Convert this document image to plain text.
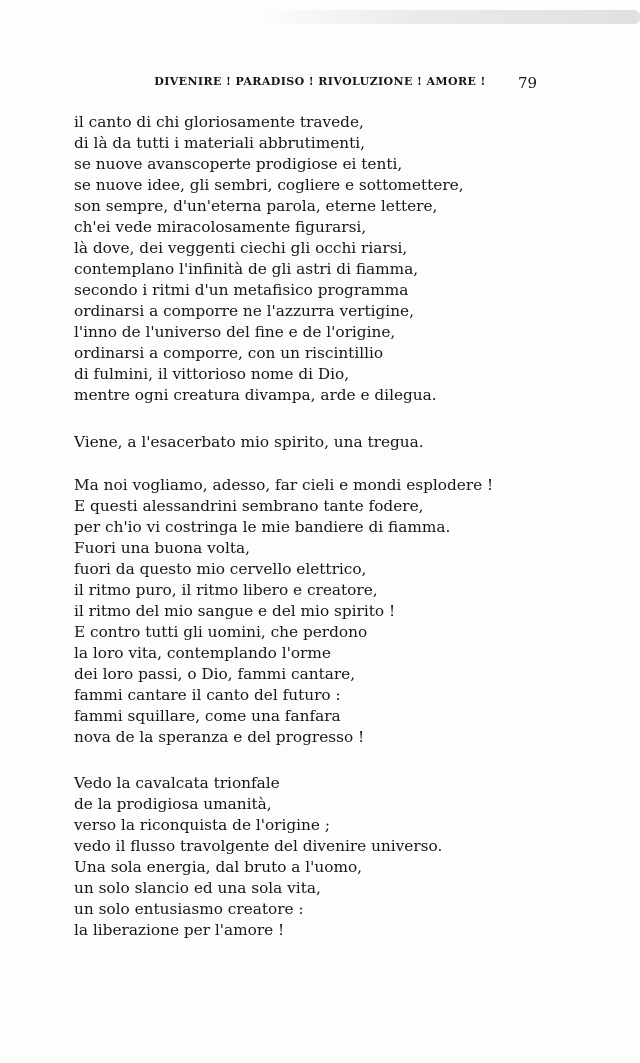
DIVENIRE ! PARADISO ! RIVOLUZIONE ! AMORE ! 79
il canto di chi gloriosamente travede,
di là da tutti i materiali abbrutimenti,
se nuove avanscoperte prodigiose ei tenti,
se nuove idee, gli sembri, cogliere e sottomettere,
son sempre, d'un'eterna parola, eterne lettere,
ch'ei vede miracolosamente figurarsi,
là dove, dei veggenti ciechi gli occhi riarsi,
contemplano l'infinità de gli astri di fiamma,
secondo i ritmi d'un metafisico programma
ordinarsi a comporre ne l'azzurra vertigine,
l'inno de l'universo del fine e de l'origine,
ordinarsi a comporre, con un riscintillio
di fulmini, il vittorioso nome di Dio,
mentre ogni creatura divampa, arde e dilegua.
Viene, a l'esacerbato mio spirito, una tregua.
Ma noi vogliamo, adesso, far cieli e mondi esplodere !
E questi alessandrini sembrano tante fodere,
per ch'io vi costringa le mie bandiere di fiamma.
Fuori una buona volta,
fuori da questo mio cervello elettrico,
il ritmo puro, il ritmo libero e creatore,
il ritmo del mio sangue e del mio spirito !
E contro tutti gli uomini, che perdono
la loro vita, contemplando l'orme
dei loro passi, o Dio, fammi cantare,
fammi cantare il canto del futuro :
fammi squillare, come una fanfara
nova de la speranza e del progresso !
Vedo la cavalcata trionfale
de la prodigiosa umanità,
verso la riconquista de l'origine ;
vedo il flusso travolgente del divenire universo.
Una sola energia, dal bruto a l'uomo,
un solo slancio ed una sola vita,
un solo entusiasmo creatore :
la liberazione per l'amore !
